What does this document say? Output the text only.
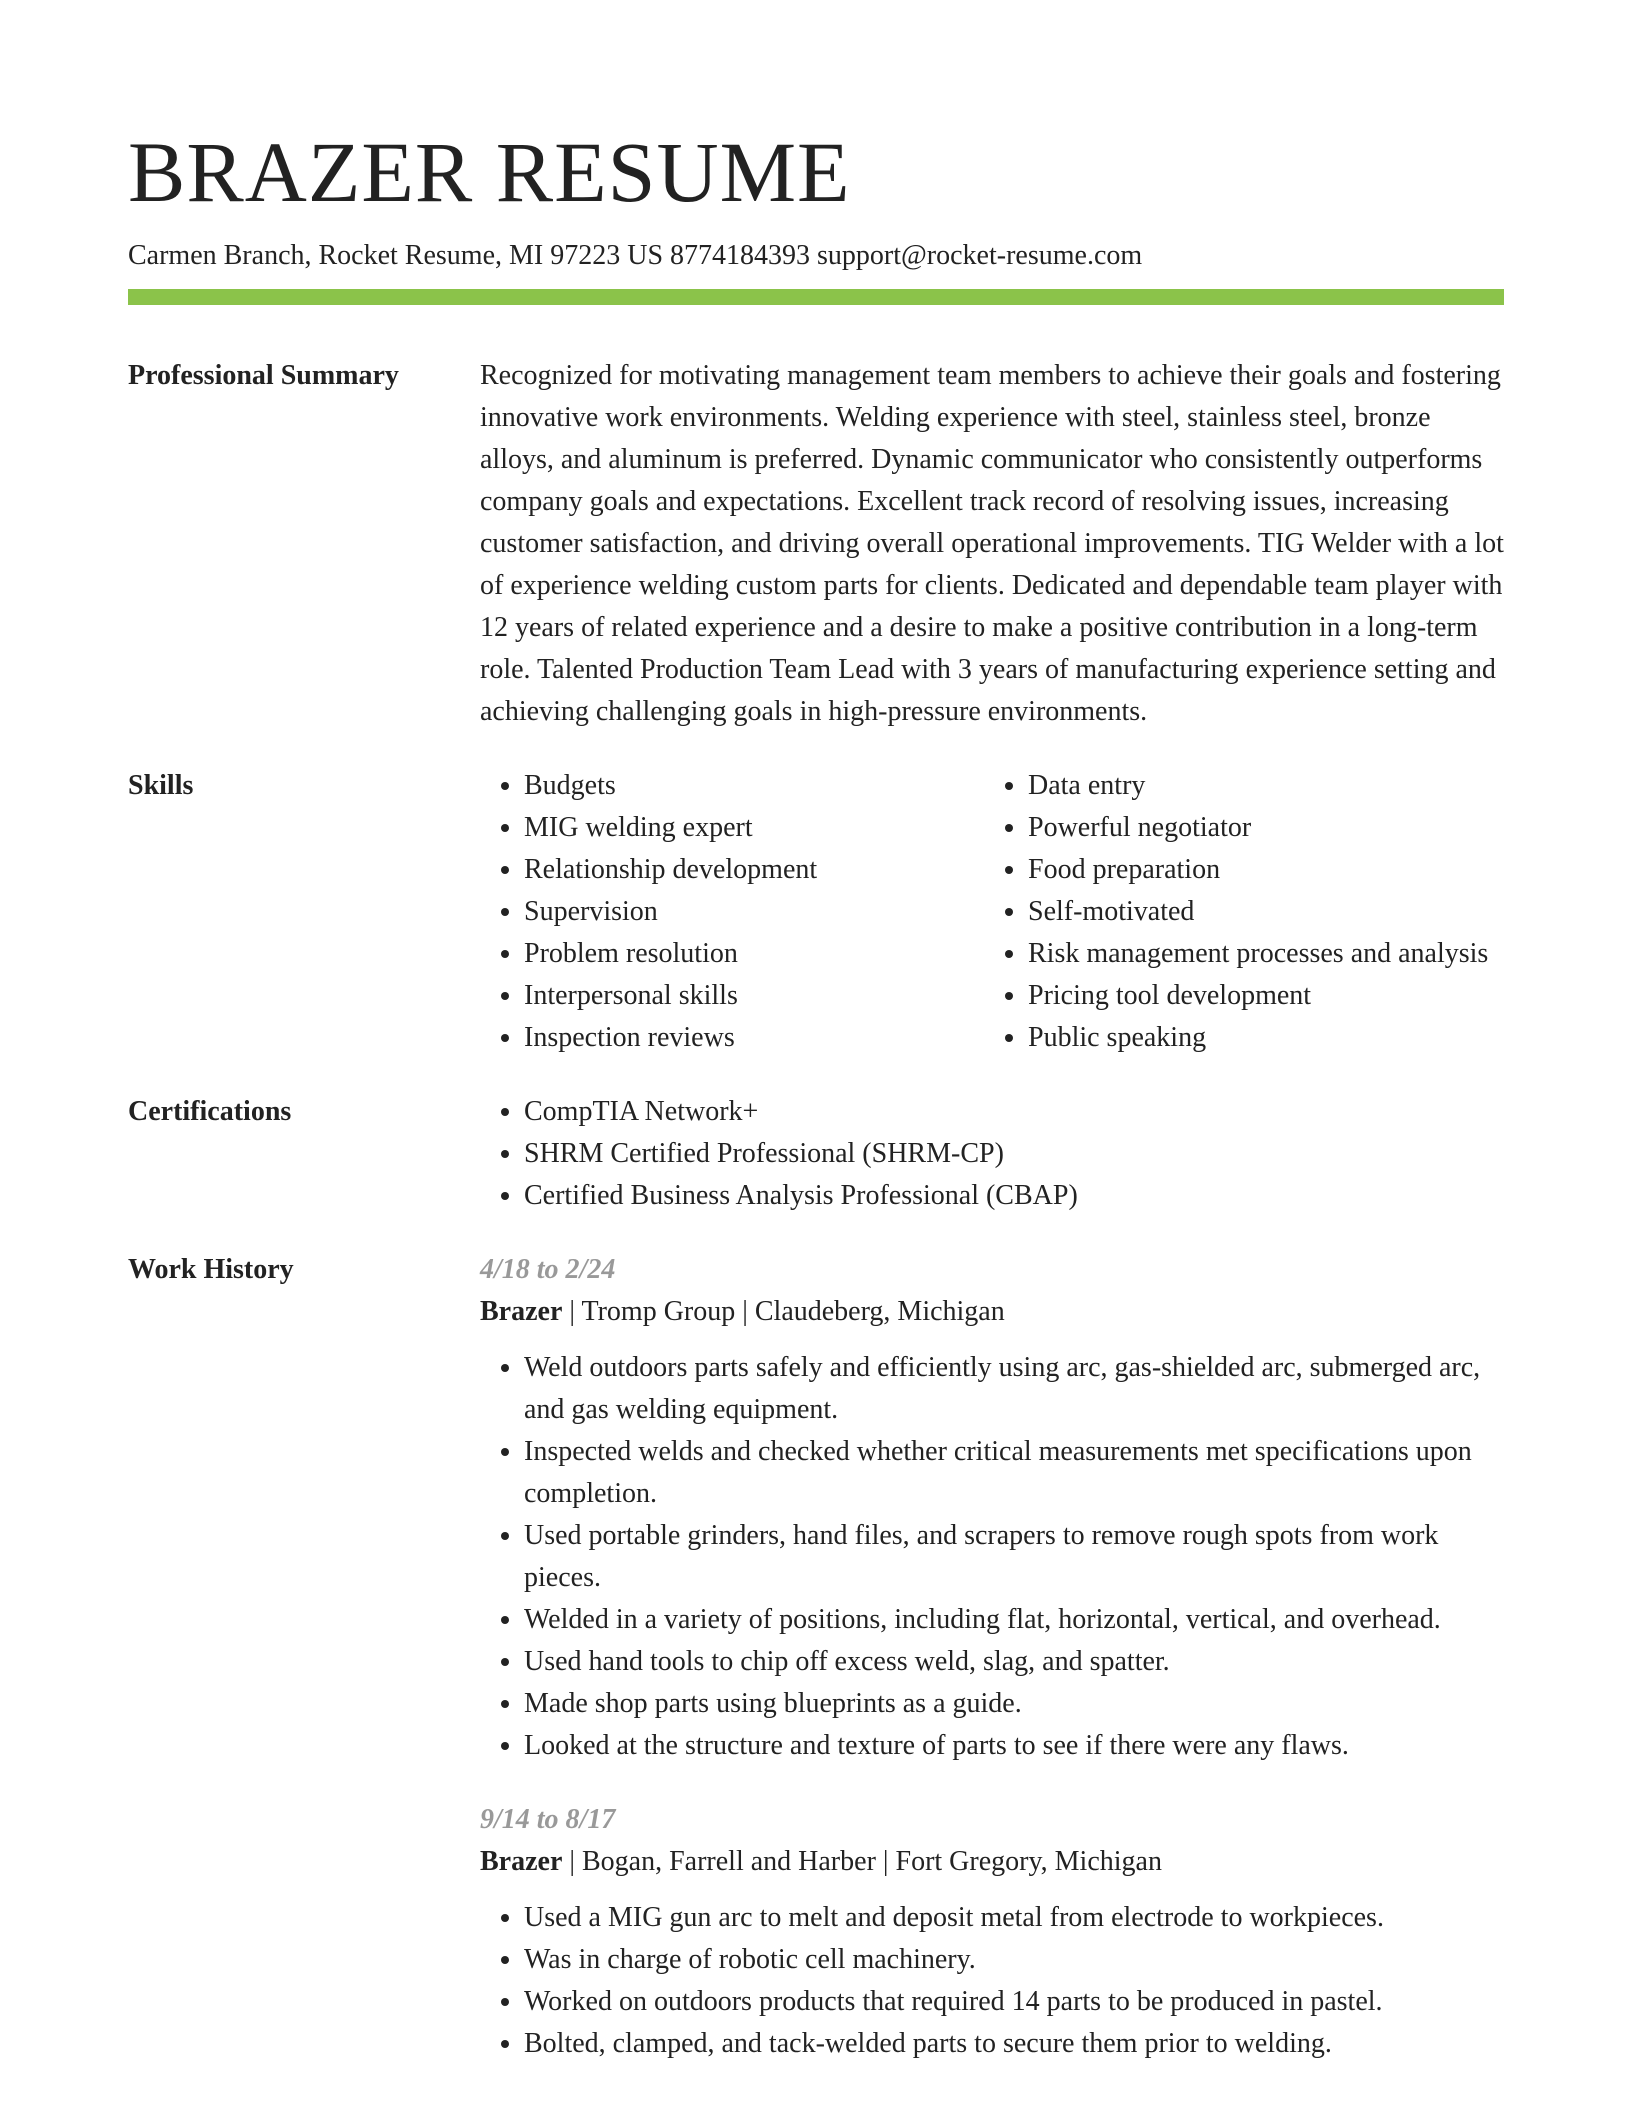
BRAZER RESUME
Carmen Branch, Rocket Resume, MI 97223 US 8774184393 support@rocket-resume.com
Professional Summary	Recognized for motivating management team members to achieve their goals and fostering innovative work environments. Welding experience with steel, stainless steel, bronze alloys, and aluminum is preferred. Dynamic communicator who consistently outperforms company goals and expectations. Excellent track record of resolving issues, increasing customer satisfaction, and driving overall operational improvements. TIG Welder with a lot of experience welding custom parts for clients. Dedicated and dependable team player with 12 years of related experience and a desire to make a positive contribution in a long-term role. Talented Production Team Lead with 3 years of manufacturing experience setting and achieving challenging goals in high-pressure environments.

Skills	• Budgets
• MIG welding expert
• Relationship development
• Supervision
• Problem resolution
• Interpersonal skills
• Inspection reviews
• Data entry
• Powerful negotiator
• Food preparation
• Self-motivated
• Risk management processes and analysis
• Pricing tool development
• Public speaking
Certifications	• CompTIA Network+
• SHRM Certified Professional (SHRM-CP)
• Certified Business Analysis Professional (CBAP)
Work History	4/18 to 2/24
Brazer | Tromp Group | Claudeberg, Michigan
• Weld outdoors parts safely and efficiently using arc, gas-shielded arc, submerged arc, and gas welding equipment.
• Inspected welds and checked whether critical measurements met specifications upon completion.
• Used portable grinders, hand files, and scrapers to remove rough spots from work pieces.
• Welded in a variety of positions, including flat, horizontal, vertical, and overhead.
• Used hand tools to chip off excess weld, slag, and spatter.
• Made shop parts using blueprints as a guide.
• Looked at the structure and texture of parts to see if there were any flaws.
9/14 to 8/17
Brazer | Bogan, Farrell and Harber | Fort Gregory, Michigan
• Used a MIG gun arc to melt and deposit metal from electrode to workpieces.
• Was in charge of robotic cell machinery.
• Worked on outdoors products that required 14 parts to be produced in pastel.
• Bolted, clamped, and tack-welded parts to secure them prior to welding.
